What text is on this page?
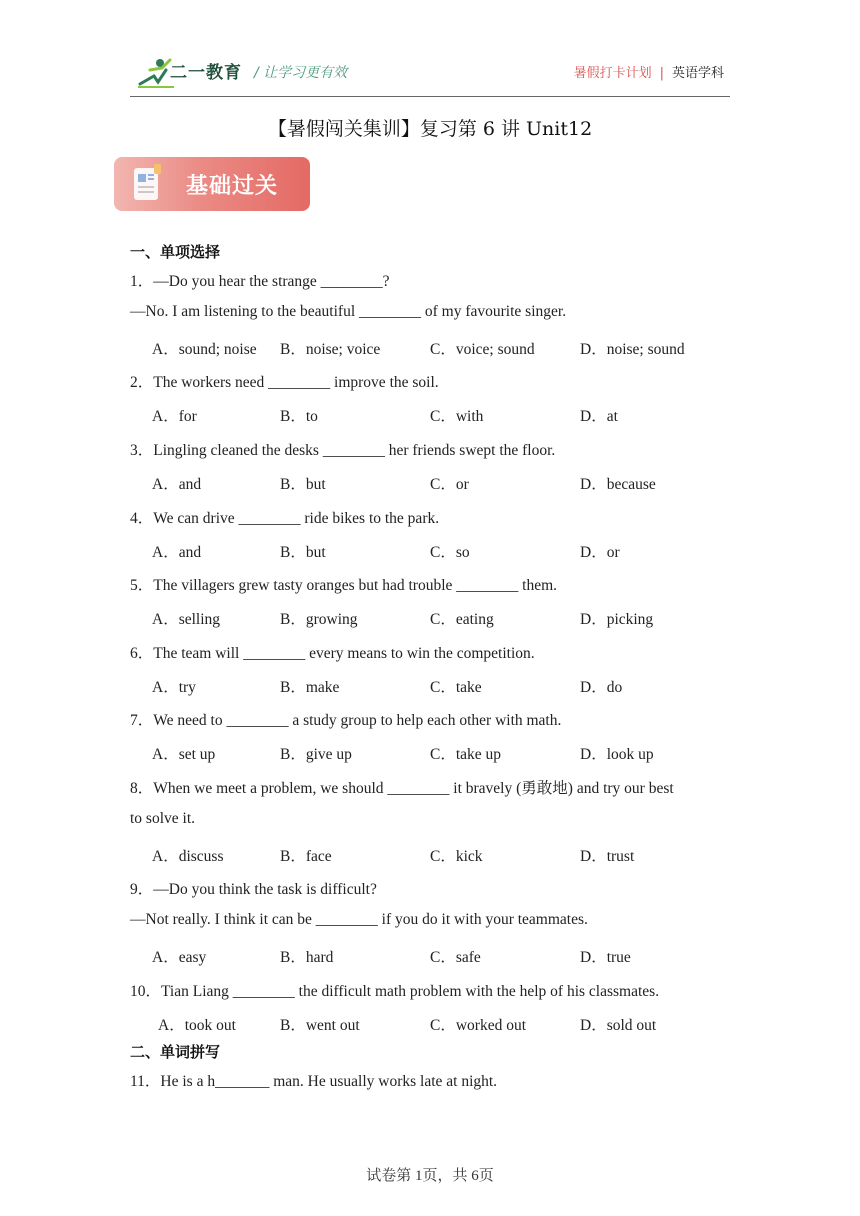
二一教育 / 让学习更有效	暑假打卡计划 | 英语学科
【暑假闯关集训】复习第 6 讲 Unit12
基础过关
一、单项选择
1．—Do you hear the strange ________?
—No. I am listening to the beautiful ________ of my favourite singer.
A．sound; noise B．noise; voice	C．voice; sound	D．noise; sound
2．The workers need ________ improve the soil.
A．for	B．to	C．with	D．at
3．Lingling cleaned the desks ________ her friends swept the floor.
A．and	B．but	C．or	D．because
4．We can drive ________ ride bikes to the park.
A．and	B．but	C．so	D．or
5．The villagers grew tasty oranges but had trouble ________ them.
A．selling	B．growing	C．eating	D．picking
6．The team will ________ every means to win the competition.
A．try	B．make	C．take	D．do
7．We need to ________ a study group to help each other with math.
A．set up	B．give up	C．take up	D．look up
8．When we meet a problem, we should ________ it bravely (勇敢地) and try our best
to solve it.
A．discuss	B．face	C．kick	D．trust
9．—Do you think the task is difficult?
—Not really. I think it can be ________ if you do it with your teammates.
A．easy	B．hard	C．safe	D．true
10．Tian Liang ________ the difficult math problem with the help of his classmates.
A．took out	B．went out	C．worked out	D．sold out
二、单词拼写
11．He is a h_______ man. He usually works late at night.
试卷第 1页，共 6页
